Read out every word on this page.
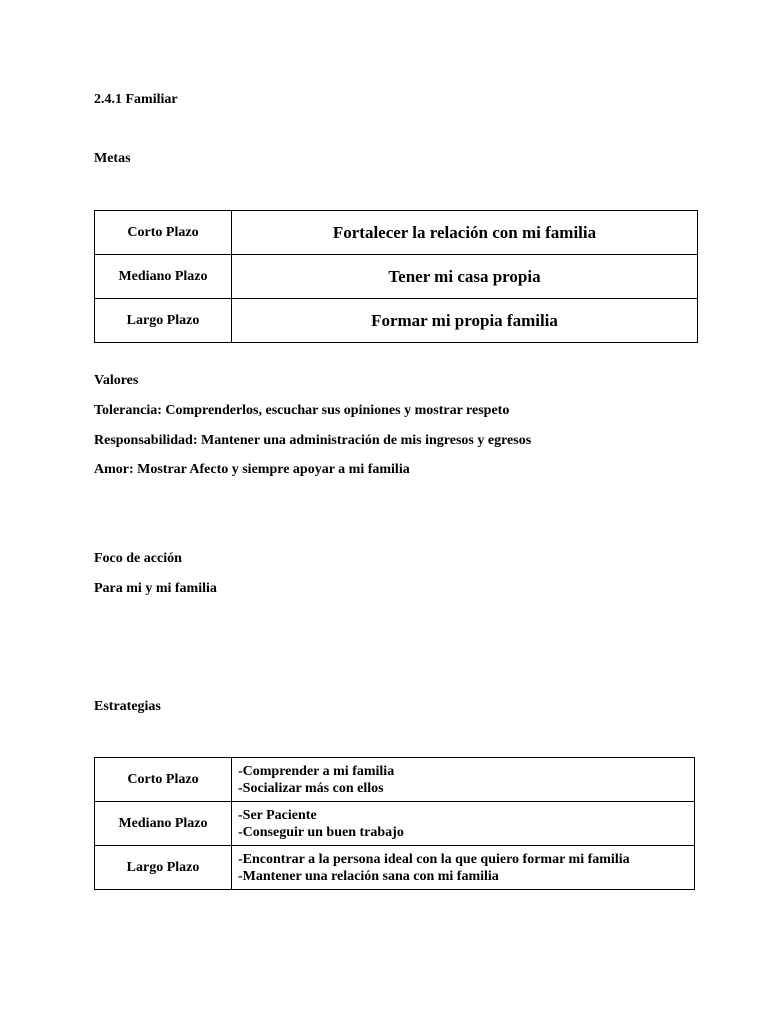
2.4.1 Familiar
Metas
Corto Plazo	Fortalecer la relación con mi familia
Mediano Plazo	Tener mi casa propia
Largo Plazo	Formar mi propia familia
Valores
Tolerancia: Comprenderlos, escuchar sus opiniones y mostrar respeto
Responsabilidad: Mantener una administración de mis ingresos y egresos
Amor: Mostrar Afecto y siempre apoyar a mi familia
Foco de acción
Para mi y mi familia
Estrategias
Corto Plazo	-Comprender a mi familia
-Socializar más con ellos

Mediano Plazo	-Ser Paciente
-Conseguir un buen trabajo

Largo Plazo	-Encontrar a la persona ideal con la que quiero formar mi familia
-Mantener una relación sana con mi familia
